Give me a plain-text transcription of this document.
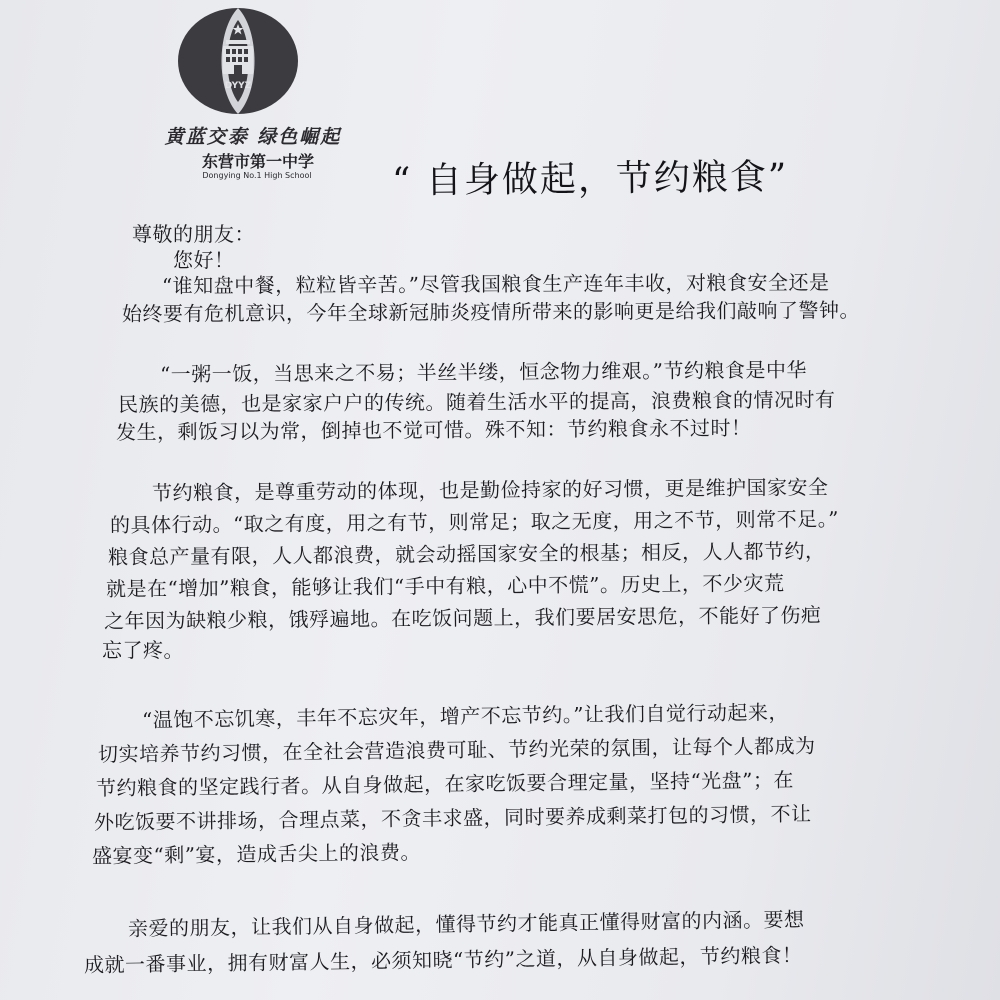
DYYZ
黄蓝交泰 绿色崛起
东营市第一中学
Dongying No.1 High School	“ 自身做起，节约粮食”
尊敬的朋友：
您好！
“谁知盘中餐，粒粒皆辛苦。”尽管我国粮食生产连年丰收，对粮食安全还是
始终要有危机意识，今年全球新冠肺炎疫情所带来的影响更是给我们敲响了警钟。
“一粥一饭，当思来之不易；半丝半缕，恒念物力维艰。”节约粮食是中华
民族的美德，也是家家户户的传统。随着生活水平的提高，浪费粮食的情况时有
发生，剩饭习以为常，倒掉也不觉可惜。殊不知：节约粮食永不过时！
节约粮食，是尊重劳动的体现，也是勤俭持家的好习惯，更是维护国家安全
的具体行动。“取之有度，用之有节，则常足；取之无度，用之不节，则常不足。”
粮食总产量有限，人人都浪费，就会动摇国家安全的根基；相反，人人都节约，
就是在“增加”粮食，能够让我们“手中有粮，心中不慌”。历史上，不少灾荒
之年因为缺粮少粮，饿殍遍地。在吃饭问题上，我们要居安思危，不能好了伤疤
忘了疼。
“温饱不忘饥寒，丰年不忘灾年，增产不忘节约。”让我们自觉行动起来，
切实培养节约习惯，在全社会营造浪费可耻、节约光荣的氛围，让每个人都成为
节约粮食的坚定践行者。从自身做起，在家吃饭要合理定量，坚持“光盘”；在
外吃饭要不讲排场，合理点菜，不贪丰求盛，同时要养成剩菜打包的习惯，不让
盛宴变“剩”宴，造成舌尖上的浪费。
亲爱的朋友，让我们从自身做起，懂得节约才能真正懂得财富的内涵。要想
成就一番事业，拥有财富人生，必须知晓“节约”之道，从自身做起，节约粮食！
